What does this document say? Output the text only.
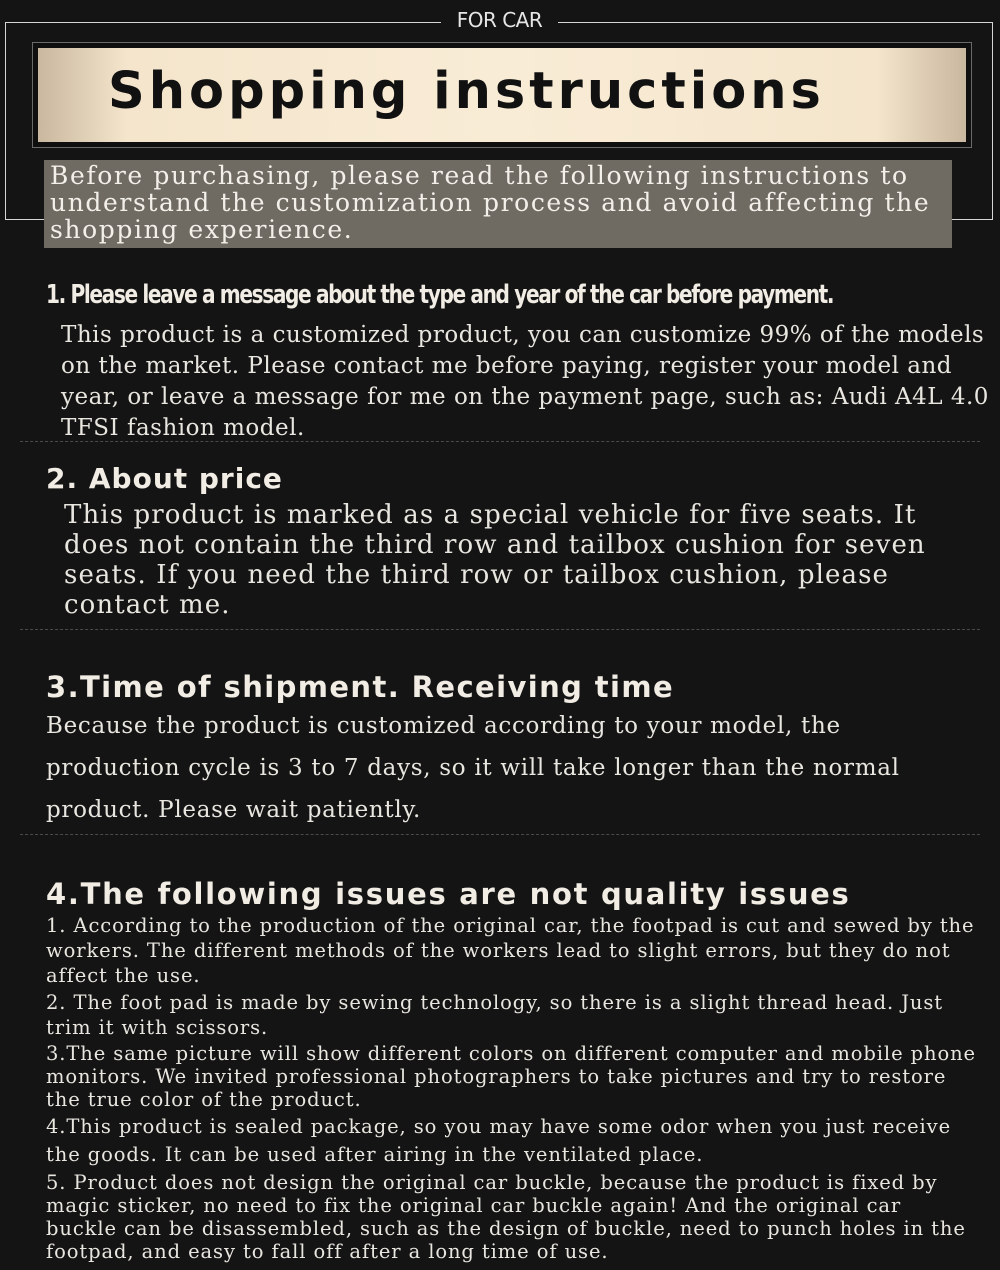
FOR CAR
Shopping instructions

Before purchasing, please read the following instructions to understand the customization process and avoid affecting the shopping experience.

1. Please leave a message about the type and year of the car before payment.

This product is a customized product, you can customize 99% of the models on the market. Please contact me before paying, register your model and year, or leave a message for me on the payment page, such as: Audi A4L 4.0 TFSI fashion model.

2. About price

This product is marked as a special vehicle for five seats. It does not contain the third row and tailbox cushion for seven seats. If you need the third row or tailbox cushion, please contact me.

3.Time of shipment. Receiving time

Because the product is customized according to your model, the production cycle is 3 to 7 days, so it will take longer than the normal product. Please wait patiently.

4.The following issues are not quality issues
1. According to the production of the original car, the footpad is cut and sewed by the workers. The different methods of the workers lead to slight errors, but they do not affect the use.
2. The foot pad is made by sewing technology, so there is a slight thread head. Just trim it with scissors.
3.The same picture will show different colors on different computer and mobile phone monitors. We invited professional photographers to take pictures and try to restore the true color of the product.
4.This product is sealed package, so you may have some odor when you just receive the goods. It can be used after airing in the ventilated place.
5. Product does not design the original car buckle, because the product is fixed by magic sticker, no need to fix the original car buckle again! And the original car buckle can be disassembled, such as the design of buckle, need to punch holes in the footpad, and easy to fall off after a long time of use.
